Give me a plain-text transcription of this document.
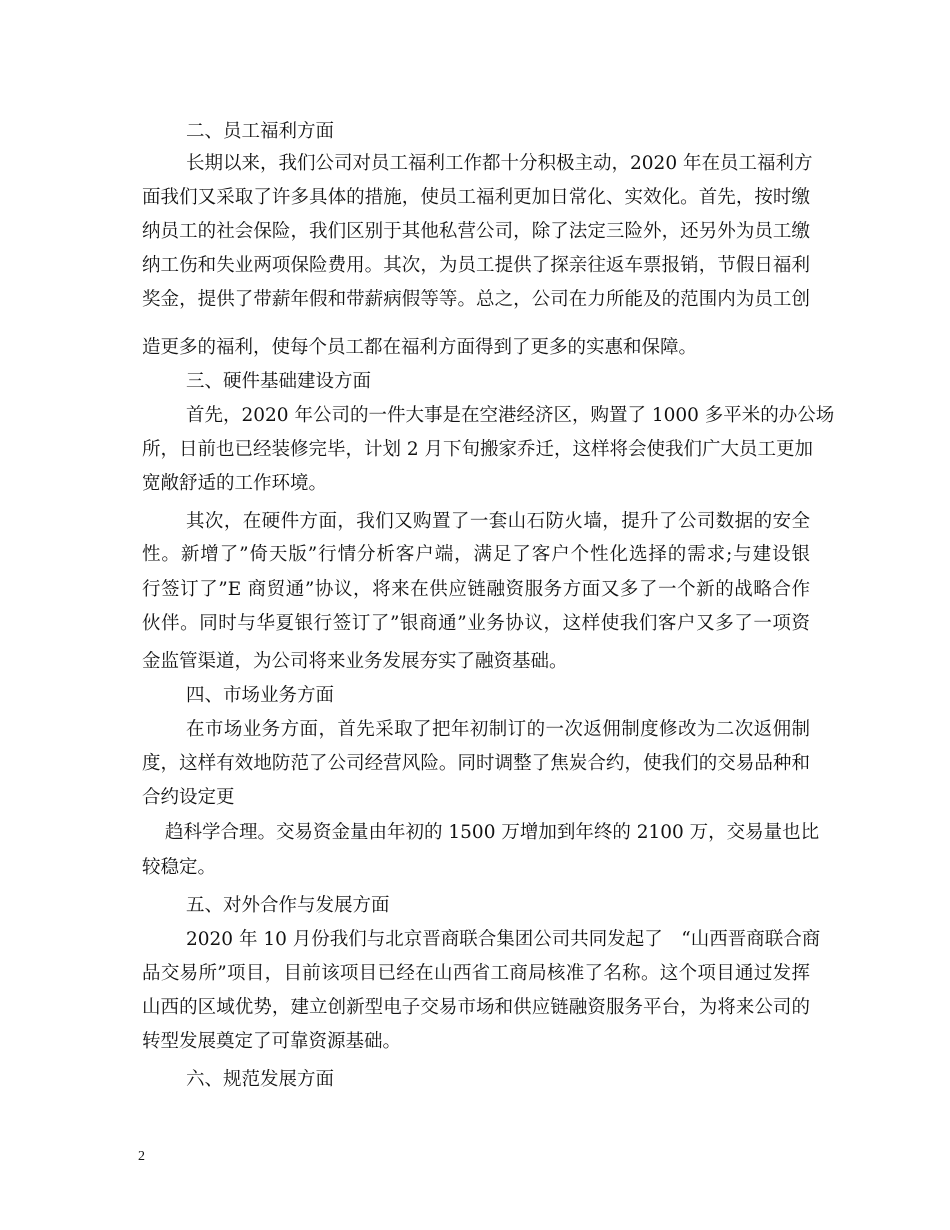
二、员工福利方面
长期以来，我们公司对员工福利工作都十分积极主动，2020 年在员工福利方
面我们又采取了许多具体的措施，使员工福利更加日常化、实效化。首先，按时缴
纳员工的社会保险，我们区别于其他私营公司，除了法定三险外，还另外为员工缴
纳工伤和失业两项保险费用。其次，为员工提供了探亲往返车票报销，节假日福利
奖金，提供了带薪年假和带薪病假等等。总之，公司在力所能及的范围内为员工创
造更多的福利，使每个员工都在福利方面得到了更多的实惠和保障。
三、硬件基础建设方面
首先，2020 年公司的一件大事是在空港经济区，购置了 1000 多平米的办公场
所，日前也已经装修完毕，计划 2 月下旬搬家乔迁，这样将会使我们广大员工更加
宽敞舒适的工作环境。
其次，在硬件方面，我们又购置了一套山石防火墙，提升了公司数据的安全
性。新增了”倚天版”行情分析客户端，满足了客户个性化选择的需求;与建设银
行签订了”E 商贸通”协议，将来在供应链融资服务方面又多了一个新的战略合作
伙伴。同时与华夏银行签订了”银商通”业务协议，这样使我们客户又多了一项资
金监管渠道，为公司将来业务发展夯实了融资基础。
四、市场业务方面
在市场业务方面，首先采取了把年初制订的一次返佣制度修改为二次返佣制
度，这样有效地防范了公司经营风险。同时调整了焦炭合约，使我们的交易品种和
合约设定更
趋科学合理。交易资金量由年初的 1500 万增加到年终的 2100 万，交易量也比
较稳定。
五、对外合作与发展方面
2020 年 10 月份我们与北京晋商联合集团公司共同发起了　“山西晋商联合商
品交易所”项目，目前该项目已经在山西省工商局核准了名称。这个项目通过发挥
山西的区域优势，建立创新型电子交易市场和供应链融资服务平台，为将来公司的
转型发展奠定了可靠资源基础。
六、规范发展方面
2
